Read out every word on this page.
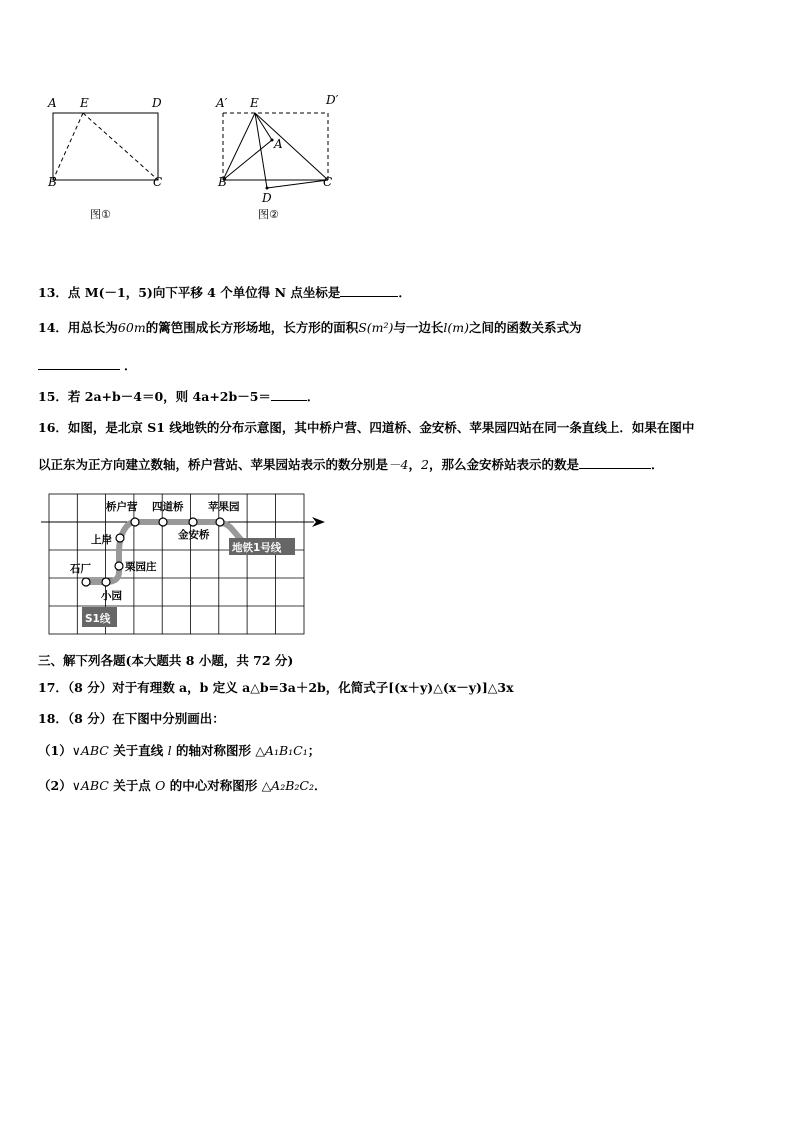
A E	D
B	C
图①
A′ E	D′
A
B	C
D
图②
13．点 M(－1，5)向下平移 4 个单位得 N 点坐标是	．
14．用总长为60m的篱笆围成长方形场地，长方形的面积S(m²)与一边长l(m)之间的函数关系式为
．
15．若 2a+b－4＝0，则 4a+2b－5＝	．
16．如图，是北京 S1 线地铁的分布示意图，其中桥户营、四道桥、金安桥、苹果园四站在同一条直线上．如果在图中
以正东为正方向建立数轴，桥户营站、苹果园站表示的数分别是－4，2，那么金安桥站表示的数是	．
桥户营 四道桥 苹果园
金安桥
上岸
栗园庄
石厂
小园
地铁1号线
S1线
三、解下列各题(本大题共 8 小题，共 72 分)
17．（8 分）对于有理数 a，b 定义 a△b=3a＋2b，化简式子[(x＋y)△(x－y)]△3x
18．（8 分）在下图中分别画出：
（1）∨ABC 关于直线 l 的轴对称图形 △A₁B₁C₁；
（2）∨ABC 关于点 O 的中心对称图形 △A₂B₂C₂．
